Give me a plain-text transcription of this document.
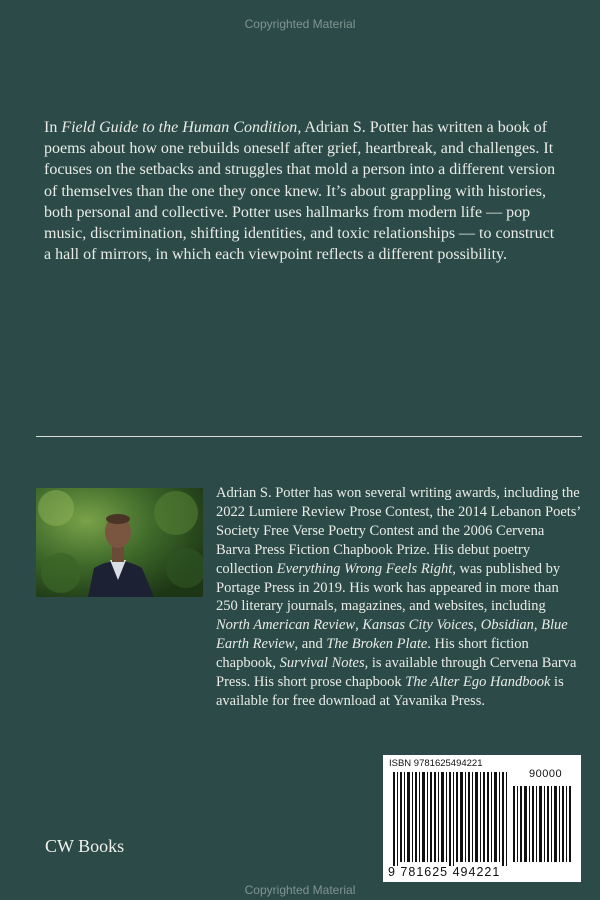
Copyrighted Material

In Field Guide to the Human Condition, Adrian S. Potter has written a book of poems about how one rebuilds oneself after grief, heartbreak, and challenges. It focuses on the setbacks and struggles that mold a person into a different version of themselves than the one they once knew. It’s about grappling with histories, both personal and collective. Potter uses hallmarks from modern life — pop music, discrimination, shifting identities, and toxic relationships — to construct a hall of mirrors, in which each viewpoint reflects a different possibility.

Adrian S. Potter has won several writing awards, including the 2022 Lumiere Review Prose Contest, the 2014 Lebanon Poets’ Society Free Verse Poetry Contest and the 2006 Cervena Barva Press Fiction Chapbook Prize. His debut poetry collection Everything Wrong Feels Right, was published by Portage Press in 2019. His work has appeared in more than 250 literary journals, magazines, and websites, including North American Review, Kansas City Voices, Obsidian, Blue Earth Review, and The Broken Plate. His short fiction chapbook, Survival Notes, is available through Cervena Barva Press. His short prose chapbook The Alter Ego Handbook is available for free download at Yavanika Press.

ISBN 9781625494221
90000
9 781625 494221
CW Books
Copyrighted Material
